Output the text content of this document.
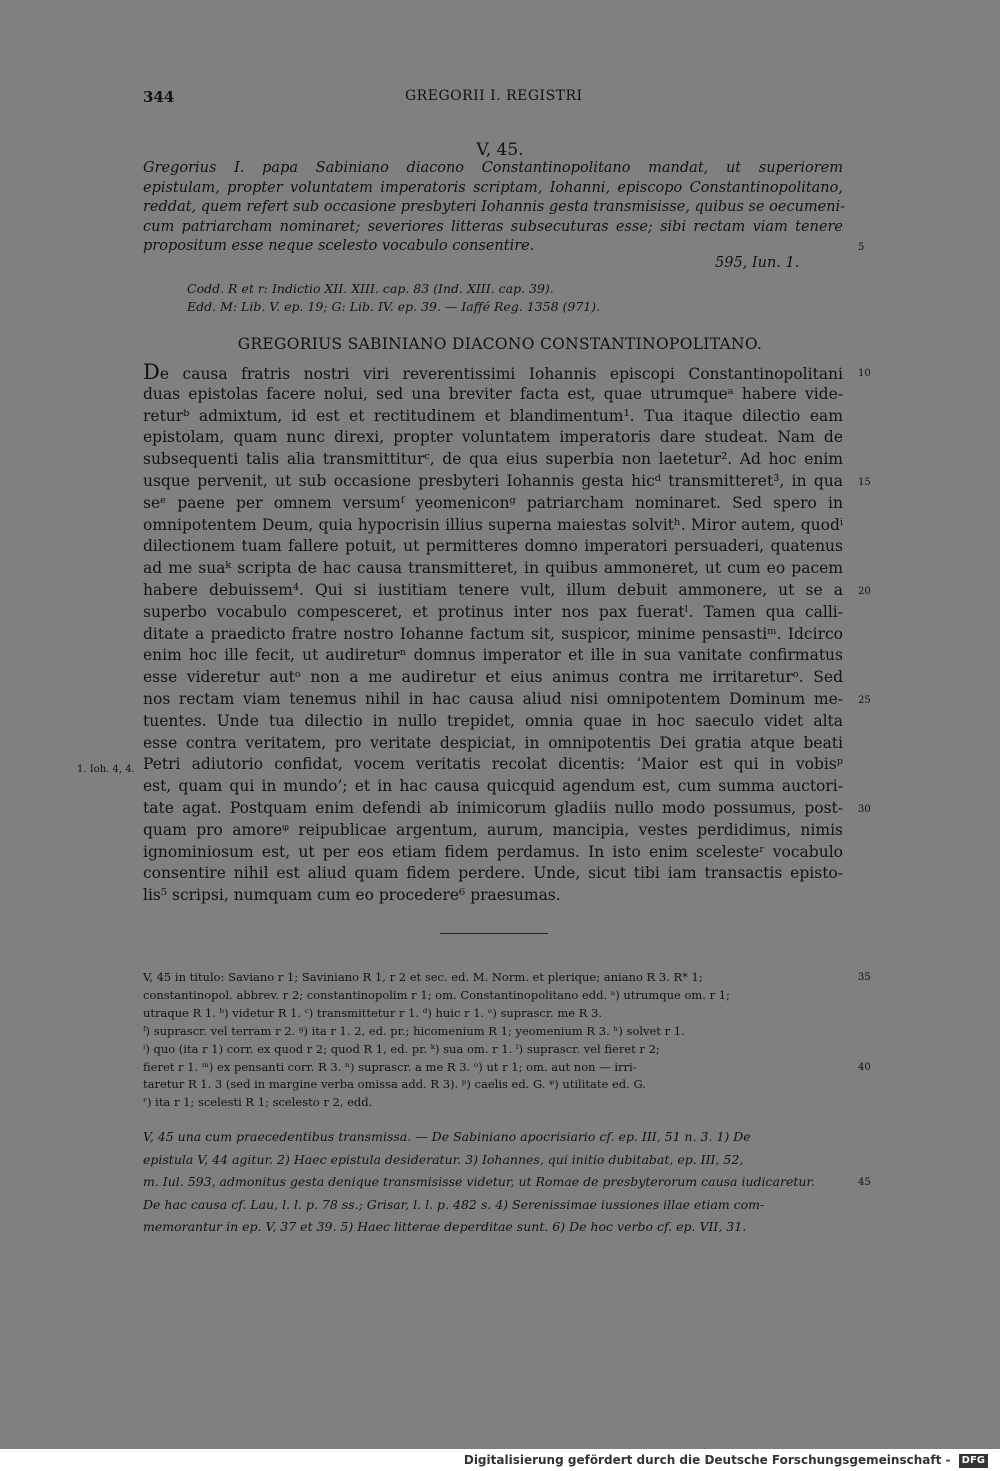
344	GREGORII I. REGISTRI
V, 45.
Gregorius I. papa Sabiniano diacono Constantinopolitano mandat, ut superiorem
epistulam, propter voluntatem imperatoris scriptam, Iohanni, episcopo Constantinopolitano,
reddat, quem refert sub occasione presbyteri Iohannis gesta transmisisse, quibus se oecumeni-
cum patriarcham nominaret; severiores litteras subsecuturas esse; sibi rectam viam tenere
propositum esse neque scelesto vocabulo consentire.
595, Iun. 1.
Codd. R et r: Indictio XII. XIII. cap. 83 (Ind. XIII. cap. 39).
Edd. M: Lib. V. ep. 19; G: Lib. IV. ep. 39. — Iaffé Reg. 1358 (971).
GREGORIUS SABINIANO DIACONO CONSTANTINOPOLITANO.
De causa fratris nostri viri reverentissimi Iohannis episcopi Constantinopolitani
duas epistolas facere nolui, sed una breviter facta est, quae utrumqueᵃ habere vide-
returᵇ admixtum, id est et rectitudinem et blandimentum¹. Tua itaque dilectio eam
epistolam, quam nunc direxi, propter voluntatem imperatoris dare studeat. Nam de
subsequenti talis alia transmittiturᶜ, de qua eius superbia non laetetur². Ad hoc enim
usque pervenit, ut sub occasione presbyteri Iohannis gesta hicᵈ transmitteret³, in qua
seᵉ paene per omnem versumᶠ yeomeniconᵍ patriarcham nominaret. Sed spero in
omnipotentem Deum, quia hypocrisin illius superna maiestas solvitʰ. Miror autem, quodⁱ
dilectionem tuam fallere potuit, ut permitteres domno imperatori persuaderi, quatenus
ad me suaᵏ scripta de hac causa transmitteret, in quibus ammoneret, ut cum eo pacem
habere debuissem⁴. Qui si iustitiam tenere vult, illum debuit ammonere, ut se a
superbo vocabulo compesceret, et protinus inter nos pax fueratˡ. Tamen qua calli-
ditate a praedicto fratre nostro Iohanne factum sit, suspicor, minime pensastiᵐ. Idcirco
enim hoc ille fecit, ut audireturⁿ domnus imperator et ille in sua vanitate confirmatus
esse videretur autᵒ non a me audiretur et eius animus contra me irritareturᵒ. Sed
nos rectam viam tenemus nihil in hac causa aliud nisi omnipotentem Dominum me-
tuentes. Unde tua dilectio in nullo trepidet, omnia quae in hoc saeculo videt alta
esse contra veritatem, pro veritate despiciat, in omnipotentis Dei gratia atque beati
Petri adiutorio confidat, vocem veritatis recolat dicentis: ‘Maior est qui in vobisᵖ
est, quam qui in mundo’; et in hac causa quicquid agendum est, cum summa auctori-
tate agat. Postquam enim defendi ab inimicorum gladiis nullo modo possumus, post-
quam pro amoreᵠ reipublicae argentum, aurum, mancipia, vestes perdidimus, nimis
ignominiosum est, ut per eos etiam fidem perdamus. In isto enim scelesteʳ vocabulo
consentire nihil est aliud quam fidem perdere. Unde, sicut tibi iam transactis episto-
lis⁵ scripsi, numquam cum eo procedere⁶ praesumas.
1. Ioh. 4, 4.
5
10
15
20
25
30
35
40
45
V, 45 in titulo: Saviano r 1; Saviniano R 1, r 2 et sec. ed. M. Norm. et plerique; aniano R 3. R* 1;
constantinopol. abbrev. r 2; constantinopolim r 1; om. Constantinopolitano edd. ᵃ) utrumque om. r 1;
utraque R 1. ᵇ) videtur R 1. ᶜ) transmittetur r 1. ᵈ) huic r 1. ᵉ) suprascr. me R 3.
ᶠ) suprascr. vel terram r 2. ᵍ) ita r 1. 2, ed. pr.; hicomenium R 1; yeomenium R 3. ʰ) solvet r 1.
ⁱ) quo (ita r 1) corr. ex quod r 2; quod R 1, ed. pr. ᵏ) sua om. r 1. ˡ) suprascr. vel fieret r 2;
fieret r 1. ᵐ) ex pensanti corr. R 3. ⁿ) suprascr. a me R 3. ᵒ) ut r 1; om. aut non — irri-
taretur R 1. 3 (sed in margine verba omissa add. R 3). ᵖ) caelis ed. G. ᵠ) utilitate ed. G.
ʳ) ita r 1; scelesti R 1; scelesto r 2, edd.
V, 45 una cum praecedentibus transmissa. — De Sabiniano apocrisiario cf. ep. III, 51 n. 3. 1) De
epistula V, 44 agitur. 2) Haec epistula desideratur. 3) Iohannes, qui initio dubitabat, ep. III, 52,
m. Iul. 593, admonitus gesta denique transmisisse videtur, ut Romae de presbyterorum causa iudicaretur.
De hac causa cf. Lau, l. l. p. 78 ss.; Grisar, l. l. p. 482 s. 4) Serenissimae iussiones illae etiam com-
memorantur in ep. V, 37 et 39. 5) Haec litterae deperditae sunt. 6) De hoc verbo cf. ep. VII, 31.
Digitalisierung gefördert durch die Deutsche Forschungsgemeinschaft - DFG
